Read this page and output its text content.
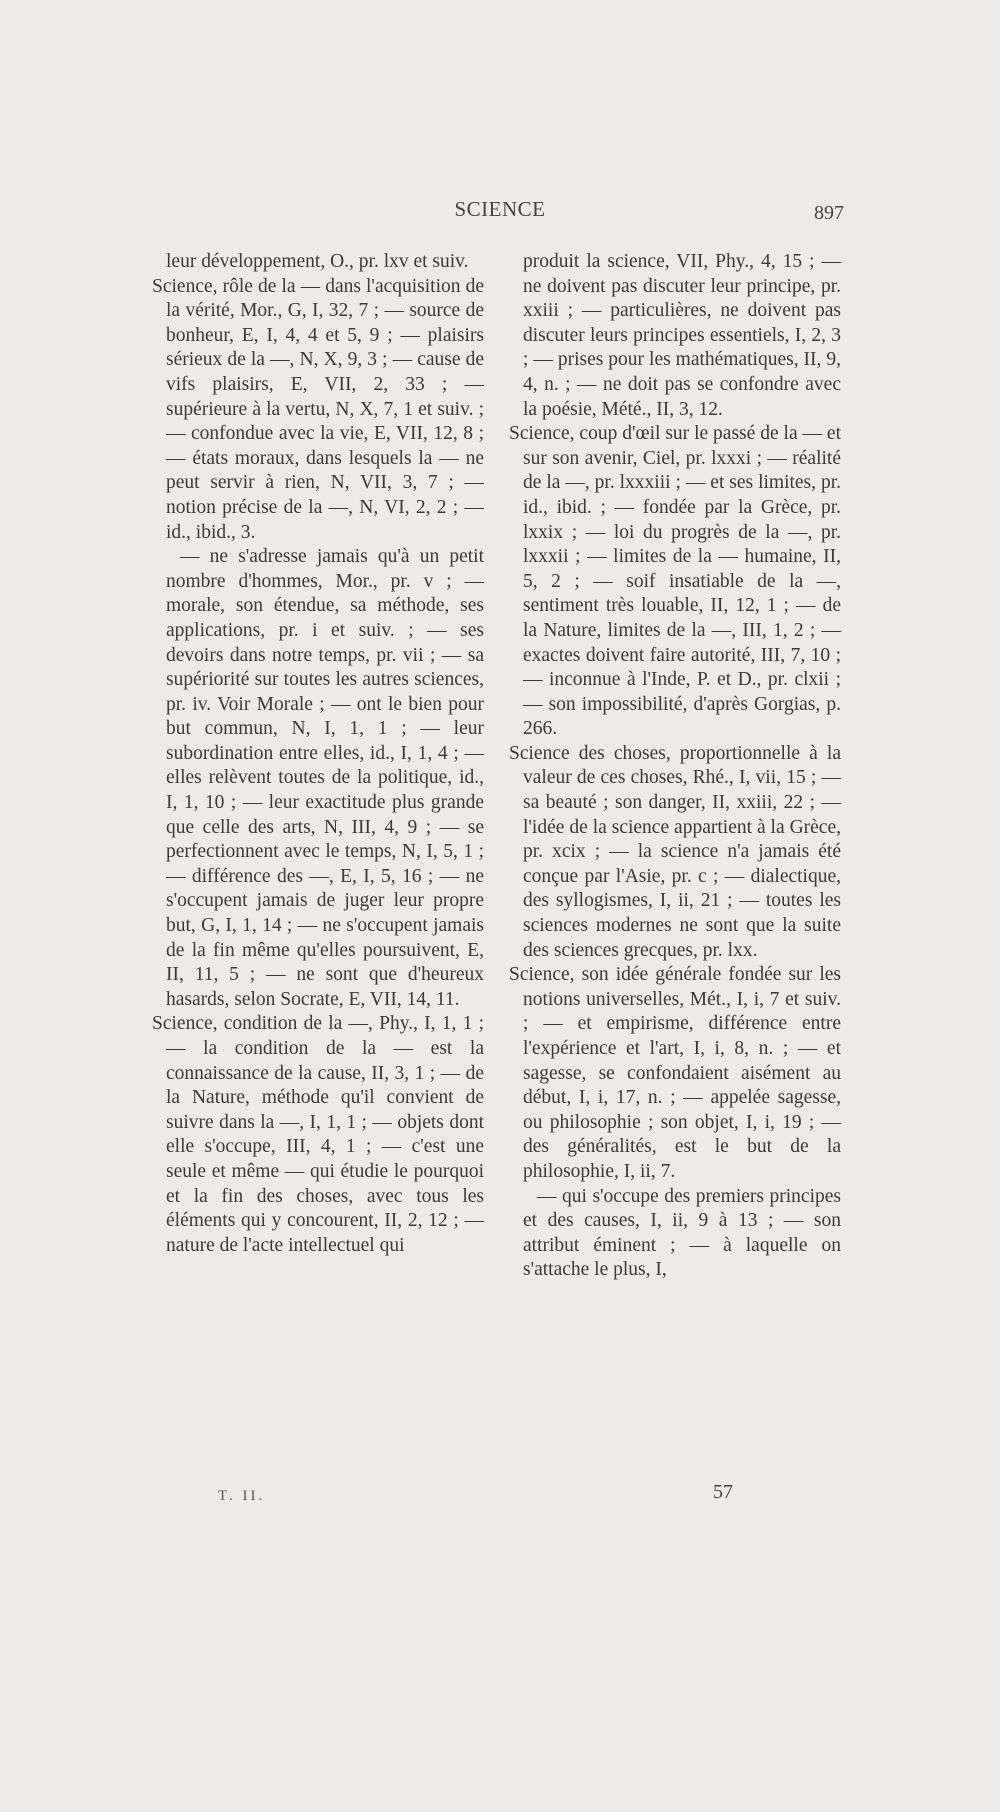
SCIENCE	897

leur développement, O., pr. lxv et suiv.

Science, rôle de la — dans l'acquisition de la vérité, Mor., G, I, 32, 7 ; — source de bonheur, E, I, 4, 4 et 5, 9 ; — plaisirs sérieux de la —, N, X, 9, 3 ; — cause de vifs plaisirs, E, VII, 2, 33 ; — supérieure à la vertu, N, X, 7, 1 et suiv. ; — confondue avec la vie, E, VII, 12, 8 ; — états moraux, dans lesquels la — ne peut servir à rien, N, VII, 3, 7 ; — notion précise de la —, N, VI, 2, 2 ; — id., ibid., 3.

— ne s'adresse jamais qu'à un petit nombre d'hommes, Mor., pr. v ; — morale, son étendue, sa méthode, ses applications, pr. i et suiv. ; — ses devoirs dans notre temps, pr. vii ; — sa supériorité sur toutes les autres sciences, pr. iv. Voir Morale ; — ont le bien pour but commun, N, I, 1, 1 ; — leur subordination entre elles, id., I, 1, 4 ; — elles relèvent toutes de la politique, id., I, 1, 10 ; — leur exactitude plus grande que celle des arts, N, III, 4, 9 ; — se perfectionnent avec le temps, N, I, 5, 1 ; — différence des —, E, I, 5, 16 ; — ne s'occupent jamais de juger leur propre but, G, I, 1, 14 ; — ne s'occupent jamais de la fin même qu'elles poursuivent, E, II, 11, 5 ; — ne sont que d'heureux hasards, selon Socrate, E, VII, 14, 11.

Science, condition de la —, Phy., I, 1, 1 ; — la condition de la — est la connaissance de la cause, II, 3, 1 ; — de la Nature, méthode qu'il convient de suivre dans la —, I, 1, 1 ; — objets dont elle s'occupe, III, 4, 1 ; — c'est une seule et même — qui étudie le pourquoi et la fin des choses, avec tous les éléments qui y concourent, II, 2, 12 ; — nature de l'acte intellectuel qui

produit la science, VII, Phy., 4, 15 ; — ne doivent pas discuter leur principe, pr. xxiii ; — particulières, ne doivent pas discuter leurs principes essentiels, I, 2, 3 ; — prises pour les mathématiques, II, 9, 4, n. ; — ne doit pas se confondre avec la poésie, Mété., II, 3, 12.

Science, coup d'œil sur le passé de la — et sur son avenir, Ciel, pr. lxxxi ; — réalité de la —, pr. lxxxiii ; — et ses limites, pr. id., ibid. ; — fondée par la Grèce, pr. lxxix ; — loi du progrès de la —, pr. lxxxii ; — limites de la — humaine, II, 5, 2 ; — soif insatiable de la —, sentiment très louable, II, 12, 1 ; — de la Nature, limites de la —, III, 1, 2 ; — exactes doivent faire autorité, III, 7, 10 ; — inconnue à l'Inde, P. et D., pr. clxii ; — son impossibilité, d'après Gorgias, p. 266.

Science des choses, proportionnelle à la valeur de ces choses, Rhé., I, vii, 15 ; — sa beauté ; son danger, II, xxiii, 22 ; — l'idée de la science appartient à la Grèce, pr. xcix ; — la science n'a jamais été conçue par l'Asie, pr. c ; — dialectique, des syllogismes, I, ii, 21 ; — toutes les sciences modernes ne sont que la suite des sciences grecques, pr. lxx.

Science, son idée générale fondée sur les notions universelles, Mét., I, i, 7 et suiv. ; — et empirisme, différence entre l'expérience et l'art, I, i, 8, n. ; — et sagesse, se confondaient aisément au début, I, i, 17, n. ; — appelée sagesse, ou philosophie ; son objet, I, i, 19 ; — des généralités, est le but de la philosophie, I, ii, 7.

— qui s'occupe des premiers principes et des causes, I, ii, 9 à 13 ; — son attribut éminent ; — à laquelle on s'attache le plus, I,

T. II.	57
